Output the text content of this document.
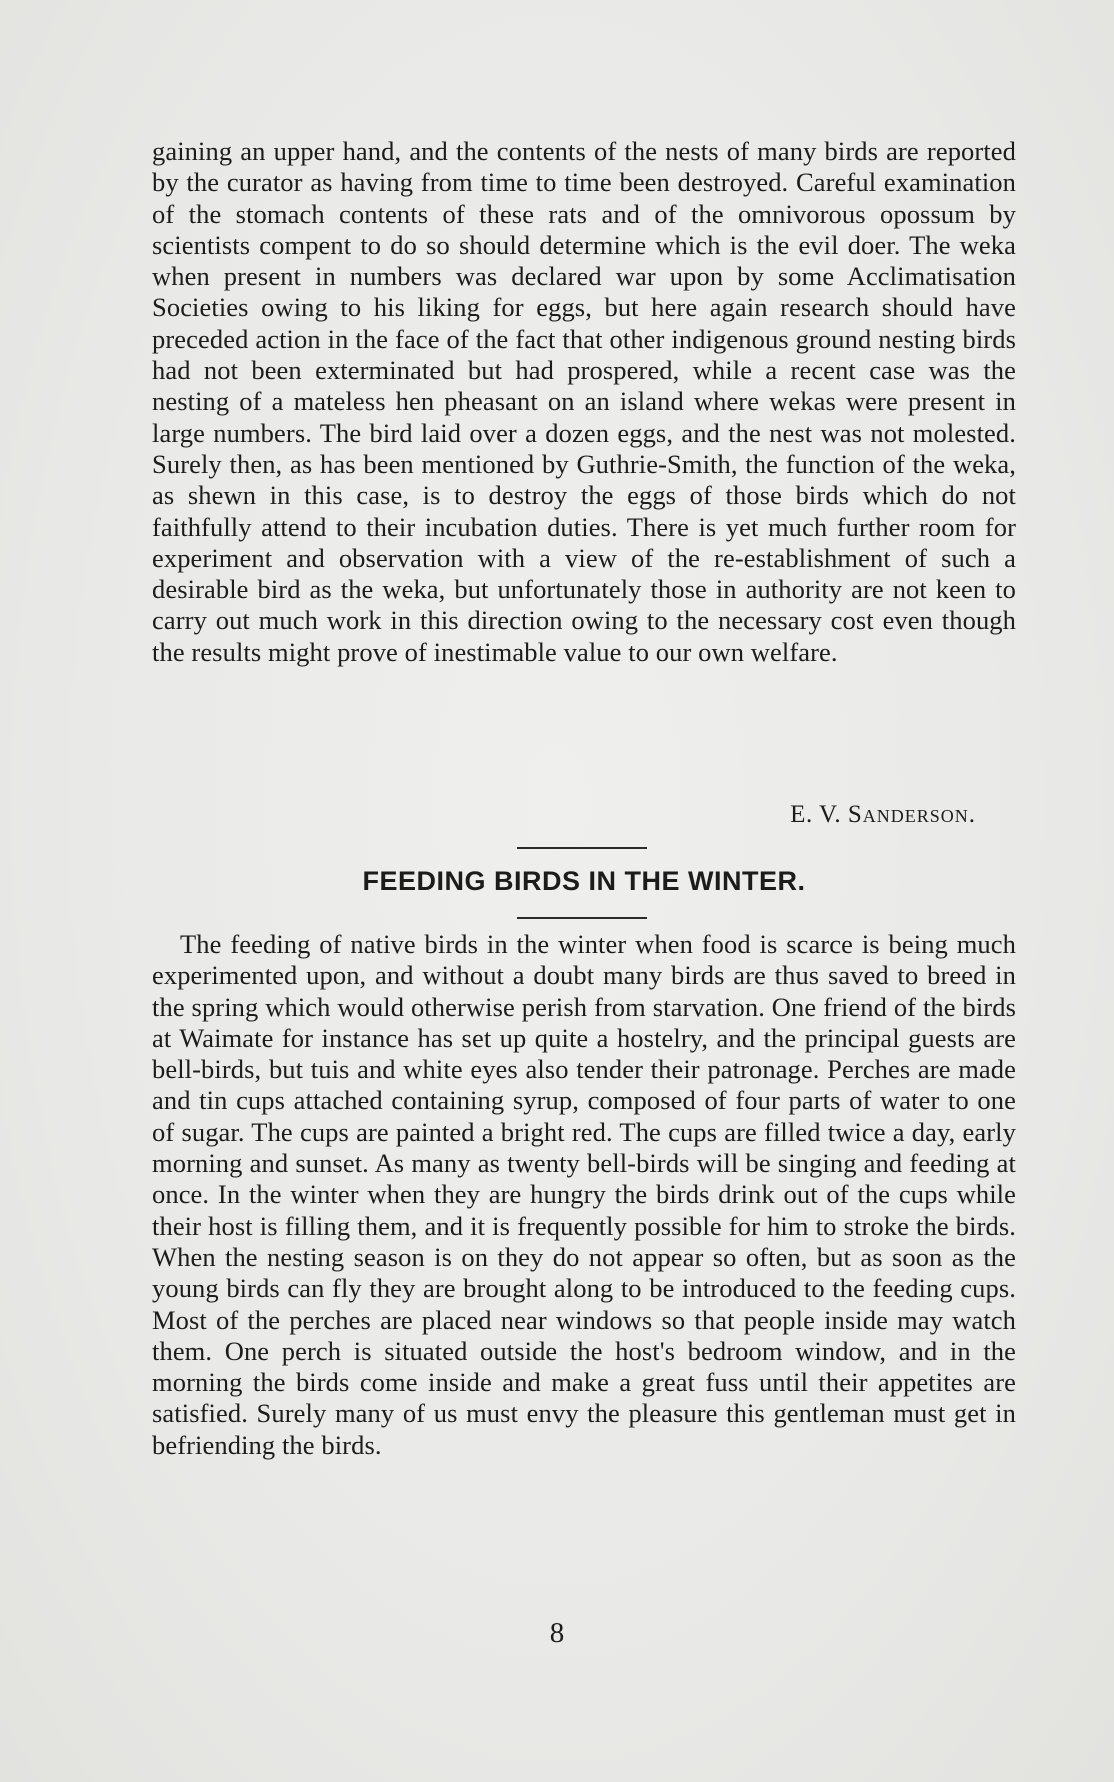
gaining an upper hand, and the contents of the nests of many birds are reported by the curator as having from time to time been destroyed. Careful examination of the stomach contents of these rats and of the omnivorous opossum by scientists compent to do so should determine which is the evil doer. The weka when present in numbers was declared war upon by some Acclimatisation Societies owing to his liking for eggs, but here again research should have preceded action in the face of the fact that other indigenous ground nesting birds had not been exterminated but had prospered, while a recent case was the nesting of a mateless hen pheasant on an island where wekas were present in large numbers. The bird laid over a dozen eggs, and the nest was not molested. Surely then, as has been mentioned by Guthrie-Smith, the function of the weka, as shewn in this case, is to destroy the eggs of those birds which do not faithfully attend to their incubation duties. There is yet much further room for experiment and observation with a view of the re-establishment of such a desirable bird as the weka, but unfortunately those in authority are not keen to carry out much work in this direction owing to the necessary cost even though the results might prove of inestimable value to our own welfare.

E. V. Sanderson.
FEEDING BIRDS IN THE WINTER.

The feeding of native birds in the winter when food is scarce is being much experimented upon, and without a doubt many birds are thus saved to breed in the spring which would otherwise perish from starvation. One friend of the birds at Waimate for instance has set up quite a hostelry, and the principal guests are bell-birds, but tuis and white eyes also tender their patronage. Perches are made and tin cups attached containing syrup, composed of four parts of water to one of sugar. The cups are painted a bright red. The cups are filled twice a day, early morning and sunset. As many as twenty bell-birds will be singing and feeding at once. In the winter when they are hungry the birds drink out of the cups while their host is filling them, and it is frequently possible for him to stroke the birds. When the nesting season is on they do not appear so often, but as soon as the young birds can fly they are brought along to be introduced to the feeding cups. Most of the perches are placed near windows so that people inside may watch them. One perch is situated outside the host's bedroom window, and in the morning the birds come inside and make a great fuss until their appetites are satisfied. Surely many of us must envy the pleasure this gentleman must get in befriending the birds.

8
